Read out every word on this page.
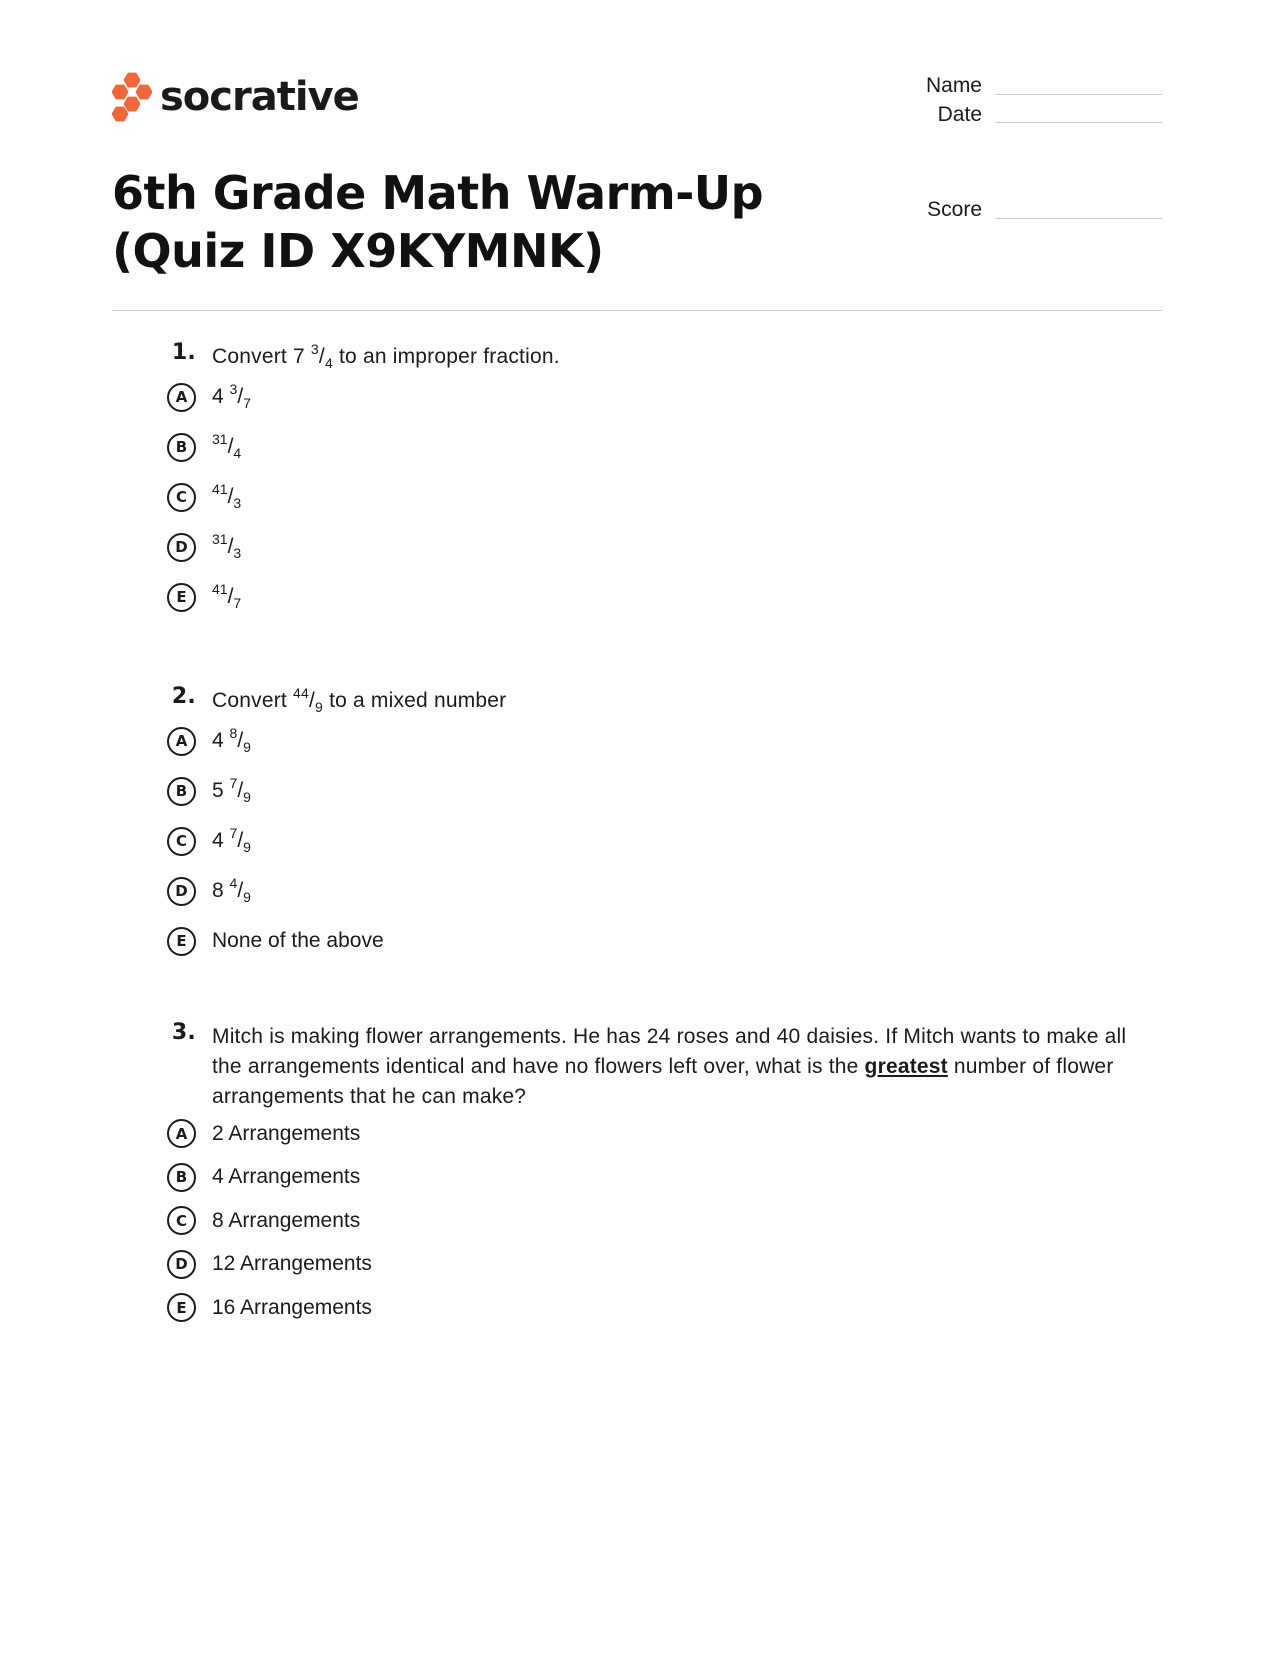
socrative	Name
Date
Score
6th Grade Math Warm-Up (Quiz ID X9KYMNK)
1. Convert 7 $^3/_4$ to an improper fraction.
A	4 $^3/_7$
B	$^{31}/_4$
C	$^{41}/_3$
D	$^{31}/_3$
E	$^{41}/_7$
2. Convert $^{44}/_9$ to a mixed number
A	4 $^8/_9$
B	5 $^7/_9$
C	4 $^7/_9$
D	8 $^4/_9$
E	None of the above
3. Mitch is making flower arrangements. He has 24 roses and 40 daisies. If Mitch wants to make all the arrangements identical and have no flowers left over, what is the greatest number of flower arrangements that he can make?
A	2 Arrangements
B	4 Arrangements
C	8 Arrangements
D	12 Arrangements
E	16 Arrangements
